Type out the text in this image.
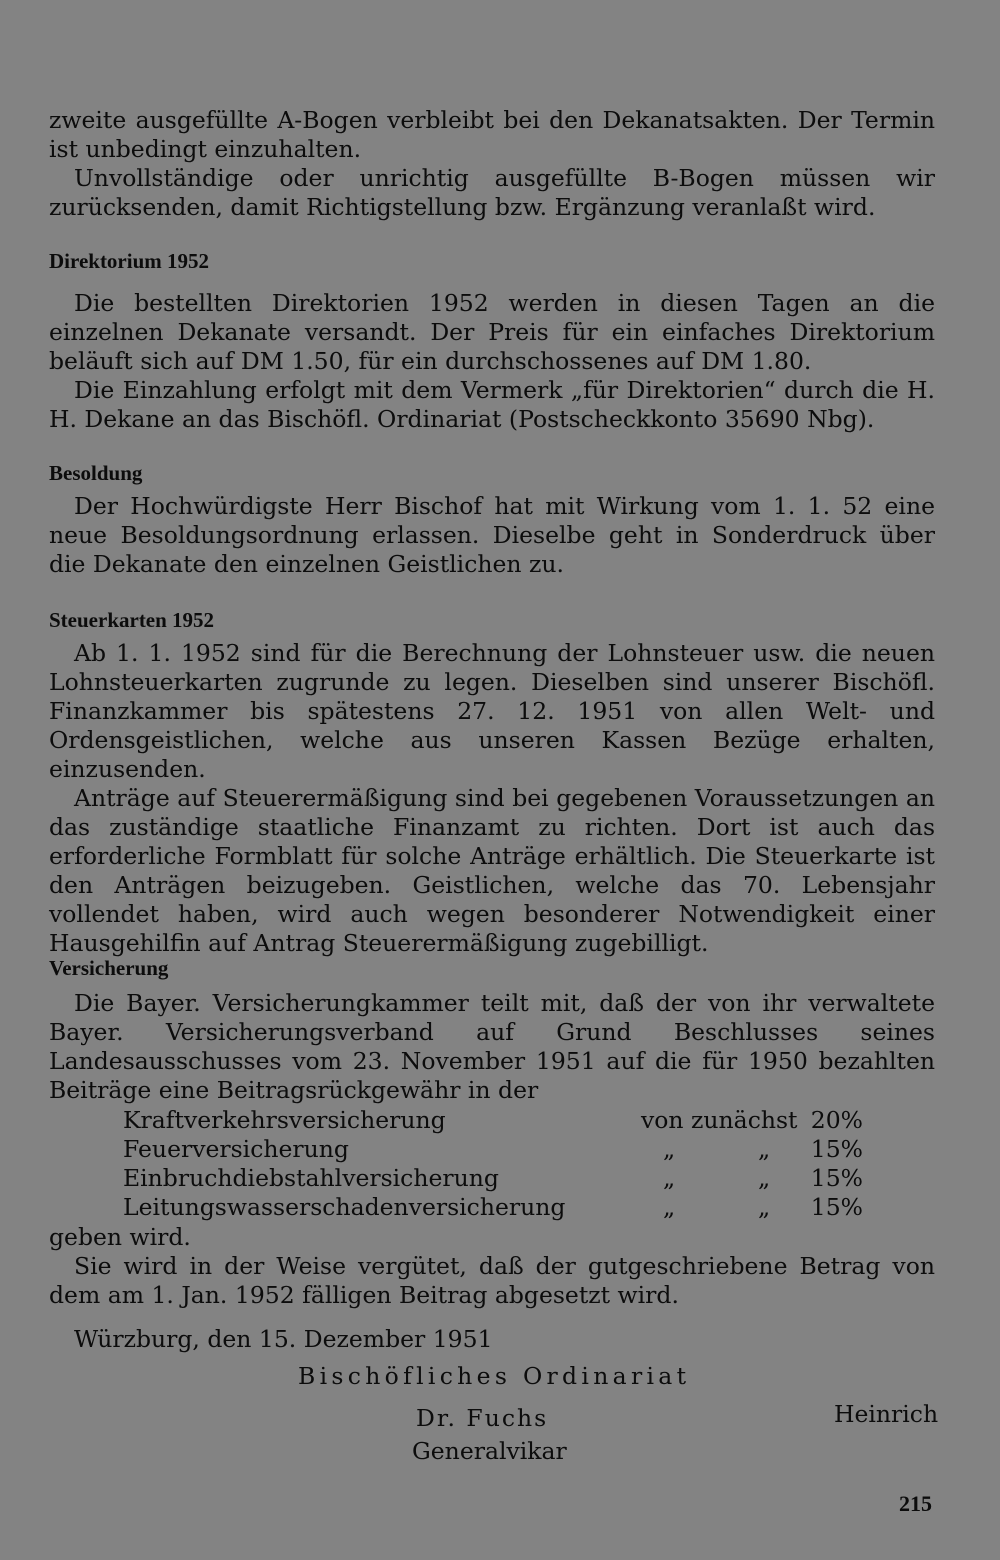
zweite ausgefüllte A-Bogen verbleibt bei den Dekanatsakten. Der Termin ist unbedingt einzuhalten.

Unvollständige oder unrichtig ausgefüllte B-Bogen müssen wir zurücksenden, damit Richtigstellung bzw. Ergänzung veranlaßt wird.

Direktorium 1952

Die bestellten Direktorien 1952 werden in diesen Tagen an die einzelnen Dekanate versandt. Der Preis für ein einfaches Direktorium beläuft sich auf DM 1.50, für ein durchschossenes auf DM 1.80.

Die Einzahlung erfolgt mit dem Vermerk „für Direktorien“ durch die H. H. Dekane an das Bischöfl. Ordinariat (Postscheckkonto 35690 Nbg).

Besoldung

Der Hochwürdigste Herr Bischof hat mit Wirkung vom 1. 1. 52 eine neue Besoldungsordnung erlassen. Dieselbe geht in Sonderdruck über die Dekanate den einzelnen Geistlichen zu.

Steuerkarten 1952

Ab 1. 1. 1952 sind für die Berechnung der Lohnsteuer usw. die neuen Lohnsteuerkarten zugrunde zu legen. Dieselben sind unserer Bischöfl. Finanzkammer bis spätestens 27. 12. 1951 von allen Welt- und Ordensgeistlichen, welche aus unseren Kassen Bezüge erhalten, einzusenden.

Anträge auf Steuerermäßigung sind bei gegebenen Voraussetzungen an das zuständige staatliche Finanzamt zu richten. Dort ist auch das erforderliche Formblatt für solche Anträge erhältlich. Die Steuerkarte ist den Anträgen beizugeben. Geistlichen, welche das 70. Lebensjahr vollendet haben, wird auch wegen besonderer Notwendigkeit einer Hausgehilfin auf Antrag Steuerermäßigung zugebilligt.

Versicherung

Die Bayer. Versicherungkammer teilt mit, daß der von ihr verwaltete Bayer. Versicherungsverband auf Grund Beschlusses seines Landesausschusses vom 23. November 1951 auf die für 1950 bezahlten Beiträge eine Beitragsrückgewähr in der

Kraftverkehrsversicherung	von zunächst 20%
Feuerversicherung	„	„ 15%
Einbruchdiebstahlversicherung	„	„ 15%
Leitungswasserschadenversicherung	„	„ 15%

geben wird.

Sie wird in der Weise vergütet, daß der gutgeschriebene Betrag von dem am 1. Jan. 1952 fälligen Beitrag abgesetzt wird.

Würzburg, den 15. Dezember 1951
Bischöfliches Ordinariat
Dr. Fuchs	Heinrich
Generalvikar
215
